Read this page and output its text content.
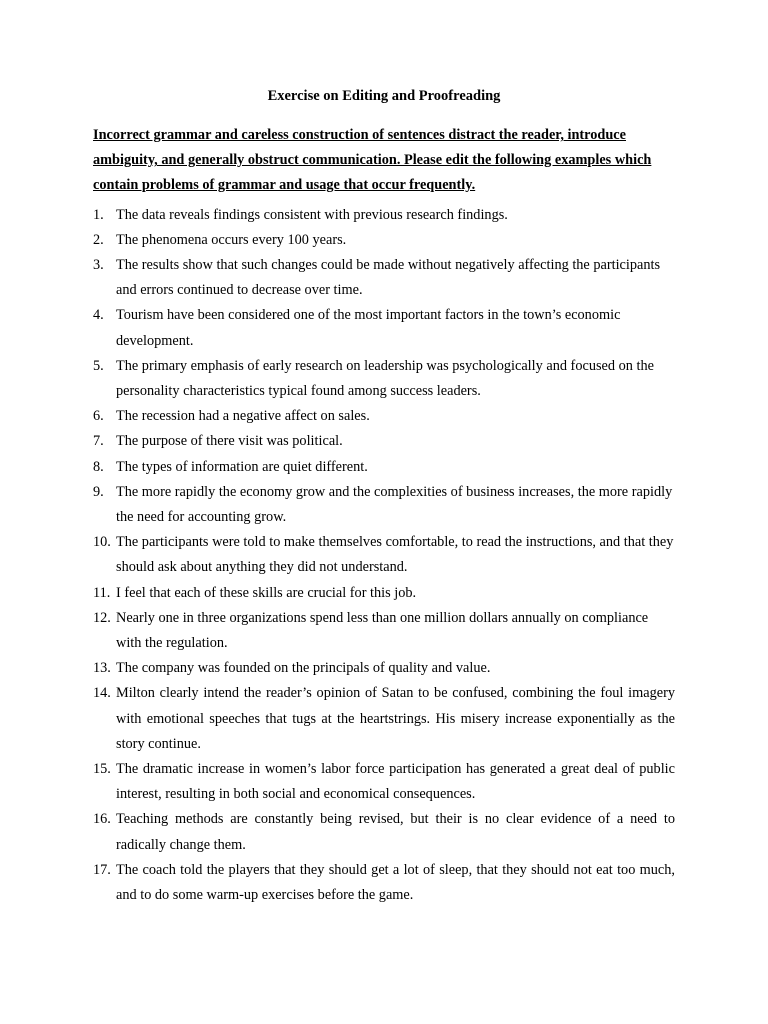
Exercise on Editing and Proofreading
Incorrect grammar and careless construction of sentences distract the reader, introduce ambiguity, and generally obstruct communication. Please edit the following examples which contain problems of grammar and usage that occur frequently.
1. The data reveals findings consistent with previous research findings.
2. The phenomena occurs every 100 years.
3. The results show that such changes could be made without negatively affecting the participants and errors continued to decrease over time.
4. Tourism have been considered one of the most important factors in the town’s economic development.
5. The primary emphasis of early research on leadership was psychologically and focused on the personality characteristics typical found among success leaders.
6. The recession had a negative affect on sales.
7. The purpose of there visit was political.
8. The types of information are quiet different.
9. The more rapidly the economy grow and the complexities of business increases, the more rapidly the need for accounting grow.
10. The participants were told to make themselves comfortable, to read the instructions, and that they should ask about anything they did not understand.
11. I feel that each of these skills are crucial for this job.
12. Nearly one in three organizations spend less than one million dollars annually on compliance with the regulation.
13. The company was founded on the principals of quality and value.
14. Milton clearly intend the reader’s opinion of Satan to be confused, combining the foul imagery with emotional speeches that tugs at the heartstrings. His misery increase exponentially as the story continue.
15. The dramatic increase in women’s labor force participation has generated a great deal of public interest, resulting in both social and economical consequences.
16. Teaching methods are constantly being revised, but their is no clear evidence of a need to radically change them.
17. The coach told the players that they should get a lot of sleep, that they should not eat too much, and to do some warm-up exercises before the game.
